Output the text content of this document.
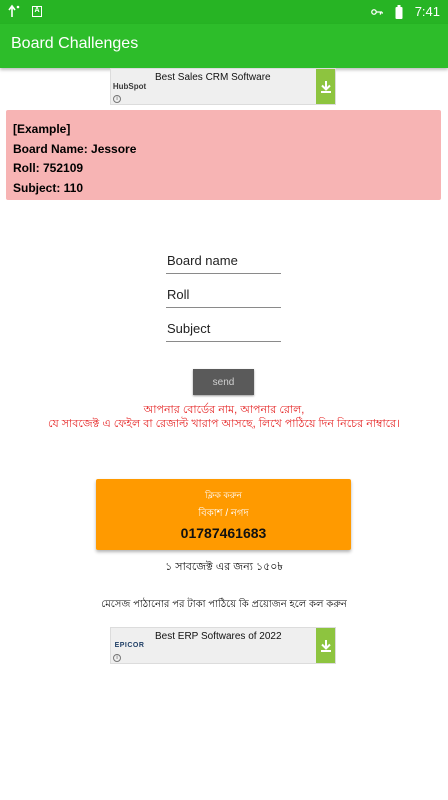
A	7:41
Board Challenges
HubSpot
i
Best Sales CRM Software
[Example]
Board Name: Jessore
Roll: 752109
Subject: 110
Board name
Roll
Subject
send
আপনার বোর্ডের নাম, আপনার রোল,
যে সাবজেক্ট এ ফেইল বা রেজাল্ট খারাপ আসছে, লিখে পাঠিয়ে দিন নিচের নাম্বারে।
ক্লিক করুন
বিকাশ / নগদ
01787461683
১ সাবজেক্ট এর জন্য ১৫০৳
মেসেজ পাঠানোর পর টাকা পাঠিয়ে কি প্রয়োজন হলে কল করুন
EPICOR
i
Best ERP Softwares of 2022
